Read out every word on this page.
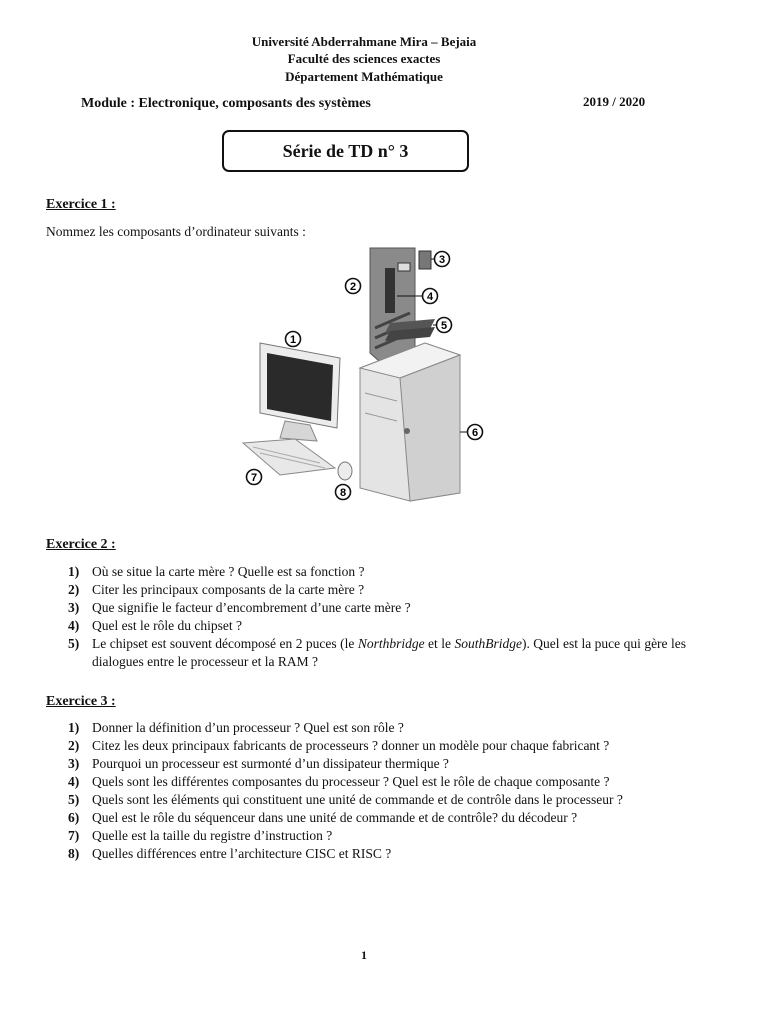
Université Abderrahmane Mira – Bejaia
Faculté des sciences exactes
Département Mathématique
Module : Electronique, composants des systèmes	2019 / 2020
Série de TD n° 3
Exercice 1 :
Nommez les composants d’ordinateur suivants :
1
2
3
4
5
6
7
8
Exercice 2 :
1) Où se situe la carte mère ? Quelle est sa fonction ?
2) Citer les principaux composants de la carte mère ?
3) Que signifie le facteur d’encombrement d’une carte mère ?
4) Quel est le rôle du chipset ?
5) Le chipset est souvent décomposé en 2 puces (le Northbridge et le SouthBridge). Quel est la puce qui gère les dialogues entre le processeur et la RAM ?
Exercice 3 :
1) Donner la définition d’un processeur ? Quel est son rôle ?
2) Citez les deux principaux fabricants de processeurs ? donner un modèle pour chaque fabricant ?
3) Pourquoi un processeur est surmonté d’un dissipateur thermique ?
4) Quels sont les différentes composantes du processeur ? Quel est le rôle de chaque composante ?
5) Quels sont les éléments qui constituent une unité de commande et de contrôle dans le processeur ?
6) Quel est le rôle du séquenceur dans une unité de commande et de contrôle? du décodeur ?
7) Quelle est la taille du registre d’instruction ?
8) Quelles différences entre l’architecture CISC et RISC ?
1
